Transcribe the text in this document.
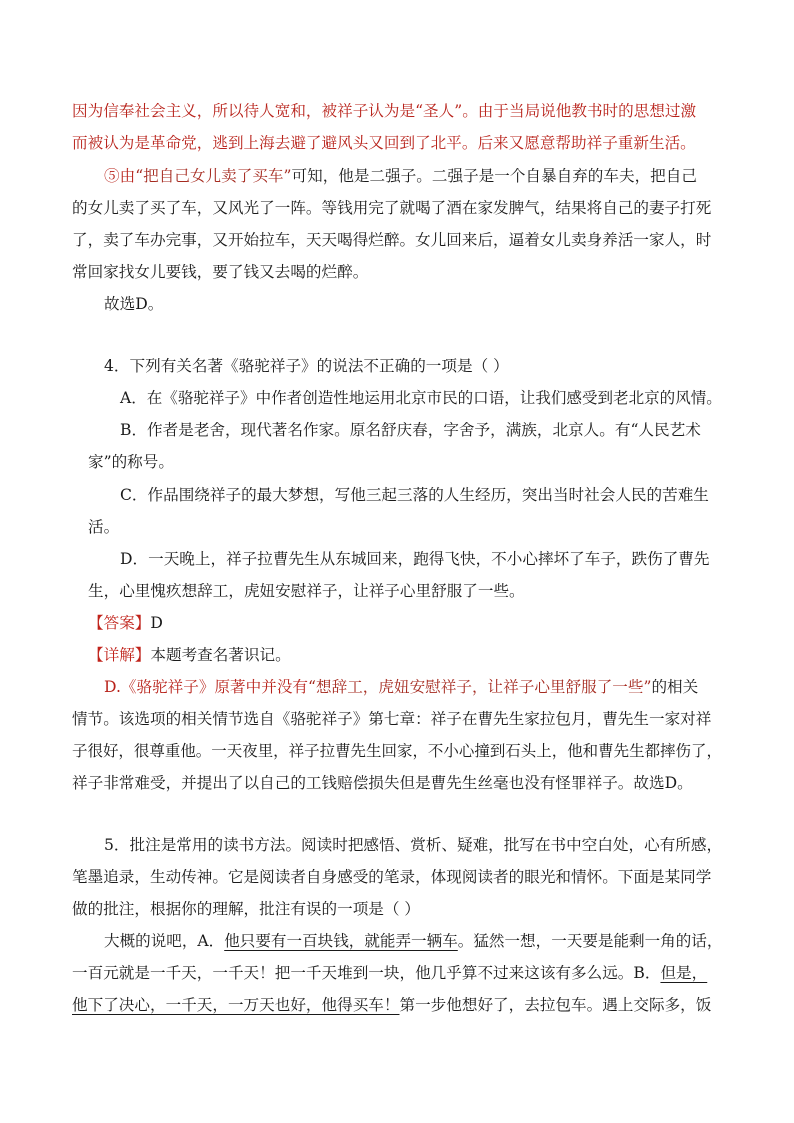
因为信奉社会主义，所以待人宽和，被祥子认为是“圣人”。由于当局说他教书时的思想过激
而被认为是革命党，逃到上海去避了避风头又回到了北平。后来又愿意帮助祥子重新生活。
⑤由“把自己女儿卖了买车”可知，他是二强子。二强子是一个自暴自弃的车夫，把自己
的女儿卖了买了车，又风光了一阵。等钱用完了就喝了酒在家发脾气，结果将自己的妻子打死
了，卖了车办完事，又开始拉车，天天喝得烂醉。女儿回来后，逼着女儿卖身养活一家人，时
常回家找女儿要钱，要了钱又去喝的烂醉。
故选D。
4．下列有关名著《骆驼祥子》的说法不正确的一项是（ ）
A．在《骆驼祥子》中作者创造性地运用北京市民的口语，让我们感受到老北京的风情。
B．作者是老舍，现代著名作家。原名舒庆春，字舍予，满族，北京人。有“人民艺术
家”的称号。
C．作品围绕祥子的最大梦想，写他三起三落的人生经历，突出当时社会人民的苦难生
活。
D．一天晚上，祥子拉曹先生从东城回来，跑得飞快，不小心摔坏了车子，跌伤了曹先
生，心里愧疚想辞工，虎妞安慰祥子，让祥子心里舒服了一些。
【答案】D
【详解】本题考查名著识记。
D.《骆驼祥子》原著中并没有“想辞工，虎妞安慰祥子，让祥子心里舒服了一些”的相关
情节。该选项的相关情节选自《骆驼祥子》第七章：祥子在曹先生家拉包月，曹先生一家对祥
子很好，很尊重他。一天夜里，祥子拉曹先生回家，不小心撞到石头上，他和曹先生都摔伤了，
祥子非常难受，并提出了以自己的工钱赔偿损失但是曹先生丝毫也没有怪罪祥子。故选D。
5．批注是常用的读书方法。阅读时把感悟、赏析、疑难，批写在书中空白处，心有所感，
笔墨追录，生动传神。它是阅读者自身感受的笔录，体现阅读者的眼光和情怀。下面是某同学
做的批注，根据你的理解，批注有误的一项是（ ）
大概的说吧，A．他只要有一百块钱，就能弄一辆车。猛然一想，一天要是能剩一角的话，
一百元就是一千天，一千天！把一千天堆到一块，他几乎算不过来这该有多么远。B．但是，
他下了决心，一千天，一万天也好，他得买车！第一步他想好了，去拉包车。遇上交际多，饭
